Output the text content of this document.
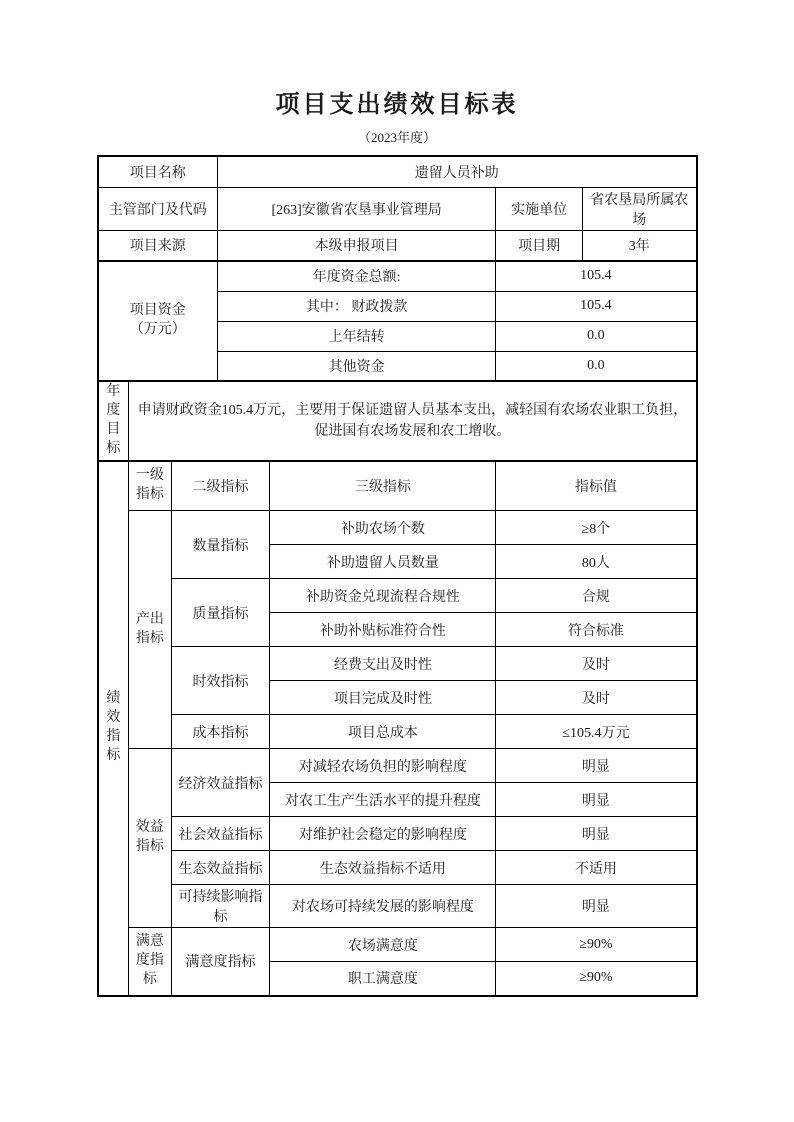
项目支出绩效目标表
（2023年度）
项目名称			遗留人员补助			
主管部门及代码			[263]安徽省农垦事业管理局		实施单位	省农垦局所属农场
项目来源			本级申报项目		项目期	3年

项目资金
（万元）			年度资金总额:		105.4	
			其中： 财政拨款		105.4	
			上年结转		0.0	
			其他资金		0.0	
年度目标	申请财政资金105.4万元，主要用于保证遗留人员基本支出，减轻国有农场农业职工负担，促进国有农场发展和农工增收。					
绩效指标	一级指标	二级指标		三级指标	指标值	
	产出指标	数量指标		补助农场个数	≥8个	
				补助遗留人员数量	80人	
		质量指标		补助资金兑现流程合规性	合规	
				补助补贴标准符合性	符合标准	
		时效指标		经费支出及时性	及时	
				项目完成及时性	及时	
		成本指标		项目总成本	≤105.4万元	
	效益指标	经济效益指标		对减轻农场负担的影响程度	明显	
				对农工生产生活水平的提升程度	明显	
		社会效益指标		对维护社会稳定的影响程度	明显	
		生态效益指标		生态效益指标不适用	不适用	
		可持续影响指标		对农场可持续发展的影响程度	明显	
	满意度指标	满意度指标		农场满意度	≥90%	
				职工满意度	≥90%	
